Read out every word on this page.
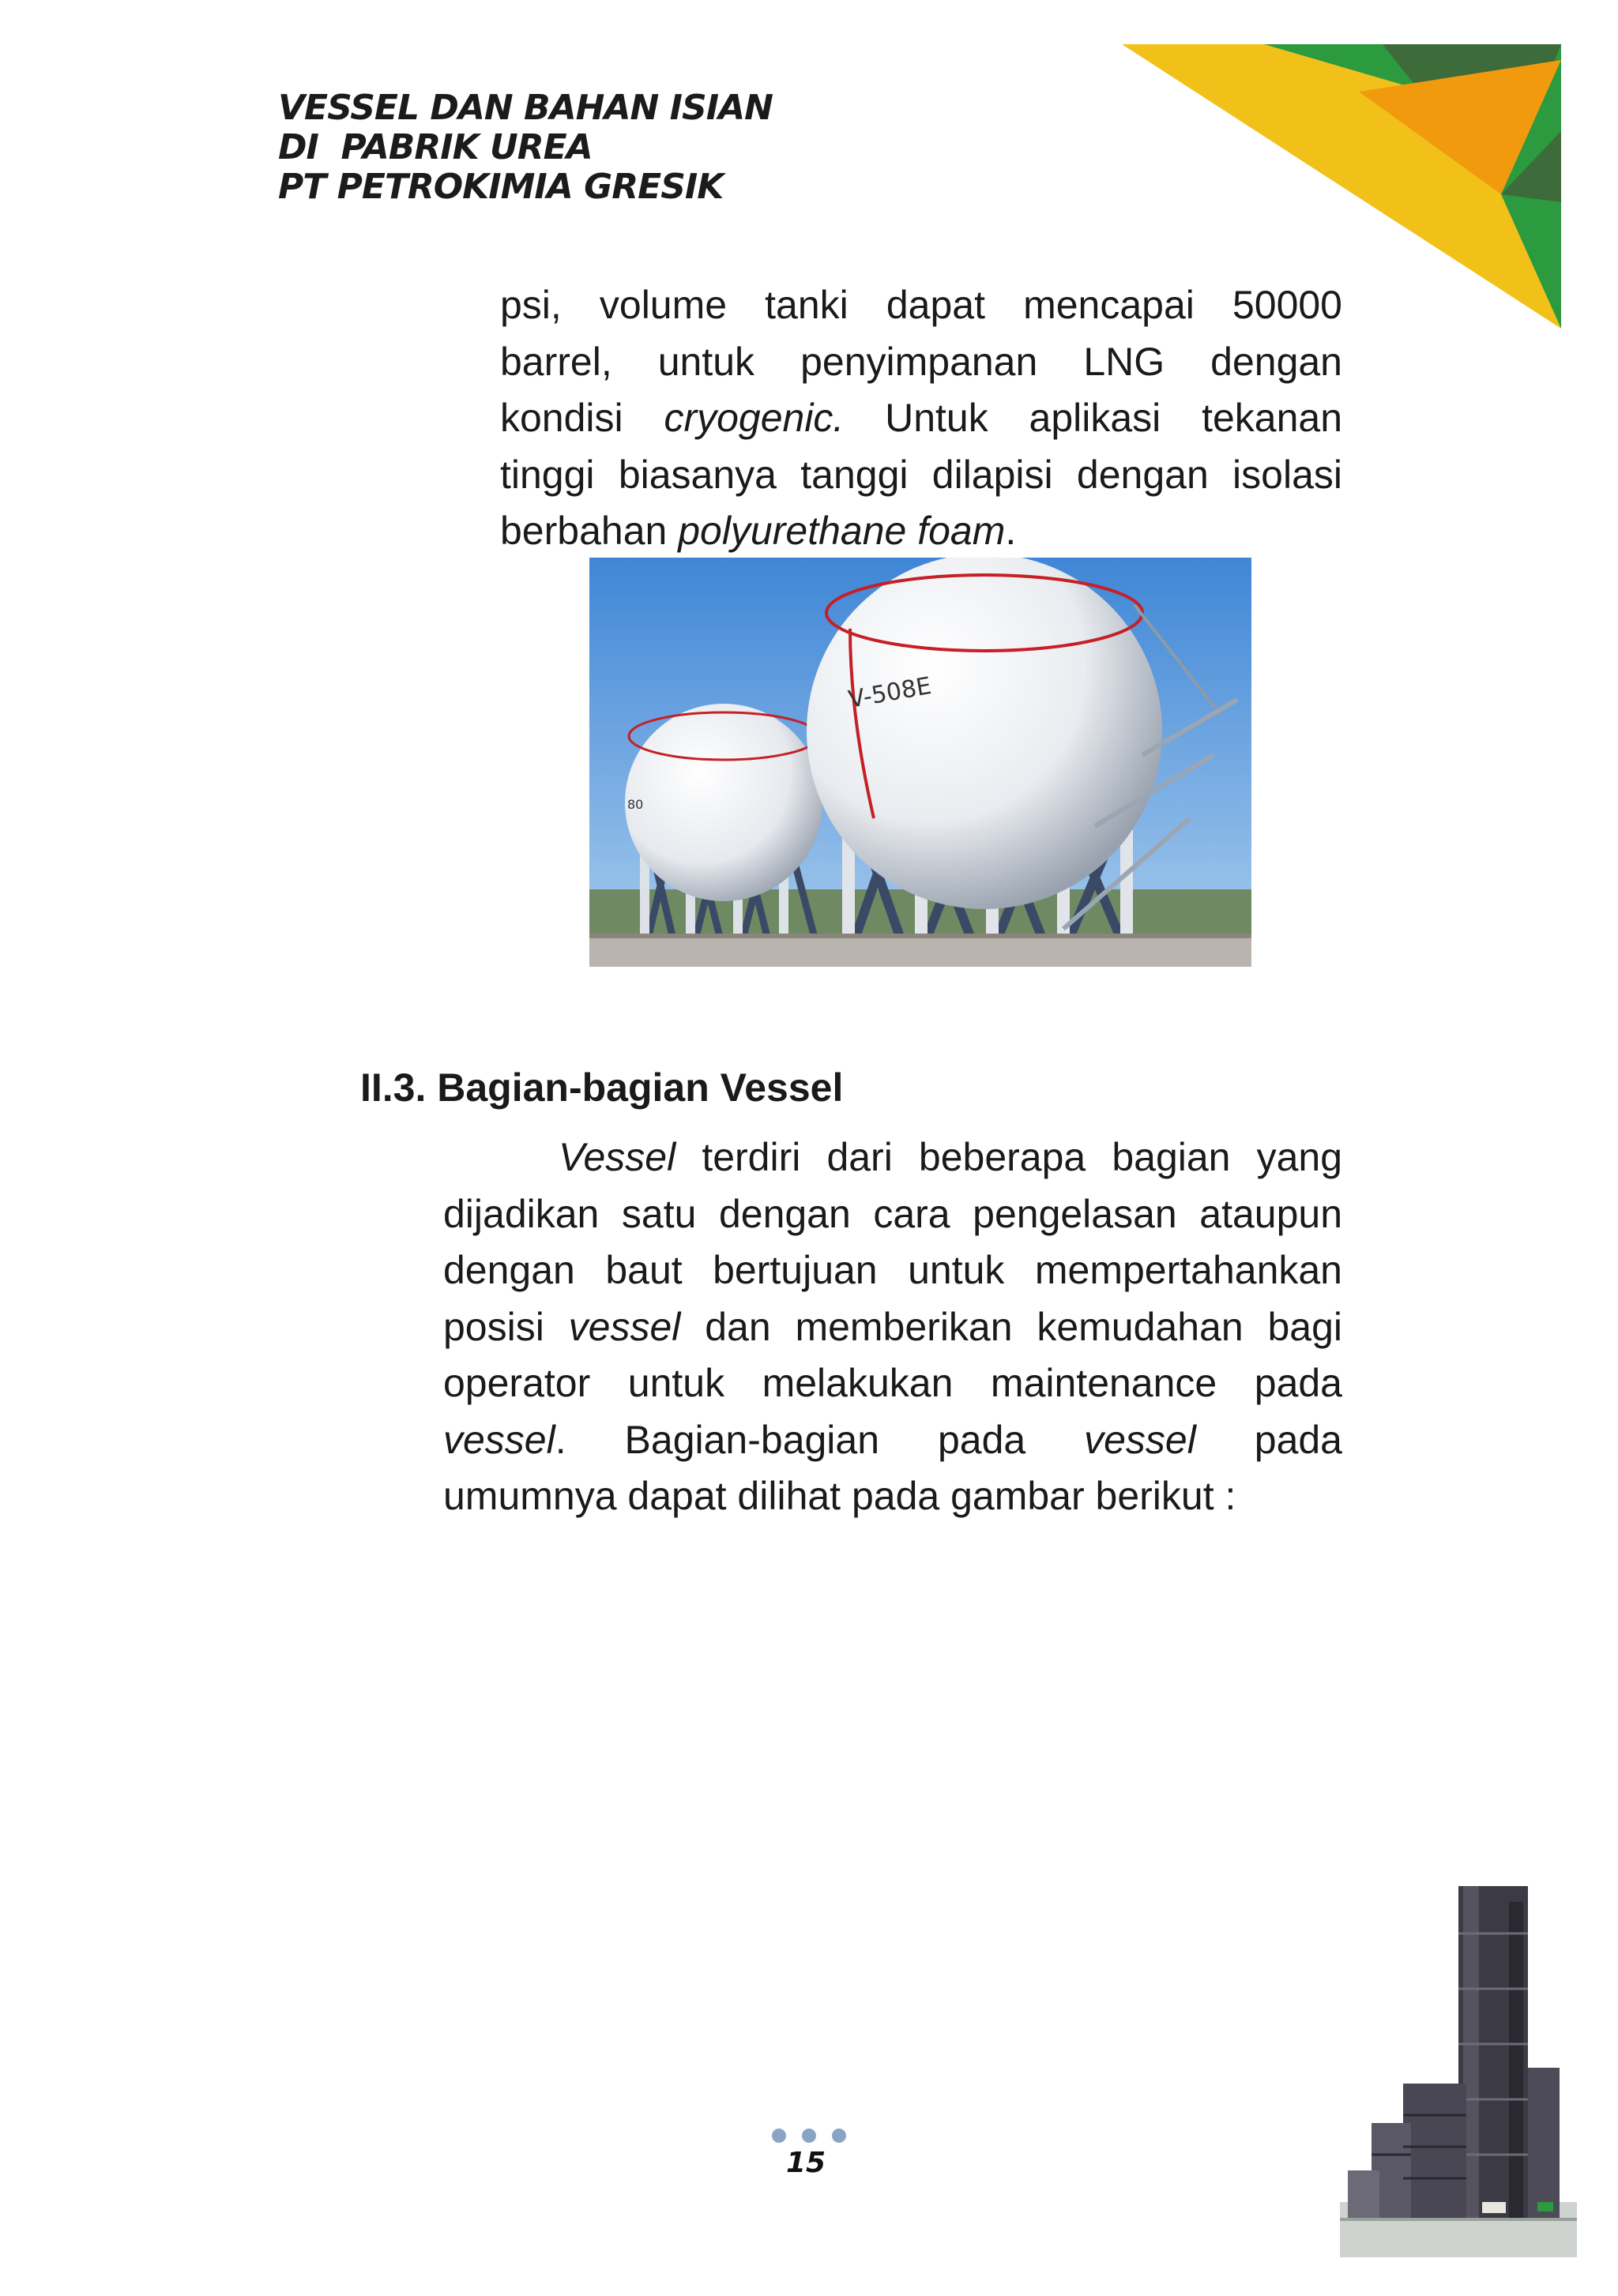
VESSEL DAN BAHAN ISIAN
DI  PABRIK UREA
PT PETROKIMIA GRESIK
psi, volume tanki dapat mencapai 50000
barrel, untuk penyimpanan LNG dengan
kondisi cryogenic. Untuk aplikasi tekanan
tinggi biasanya tanggi dilapisi dengan isolasi
berbahan polyurethane foam.
80
V-508E
II.3. Bagian-bagian Vessel
Vessel terdiri dari beberapa bagian yang
dijadikan satu dengan cara pengelasan ataupun
dengan baut bertujuan untuk mempertahankan
posisi vessel dan memberikan kemudahan bagi
operator untuk melakukan maintenance pada
vessel. Bagian-bagian pada vessel pada
umumnya dapat dilihat pada gambar berikut :
15
